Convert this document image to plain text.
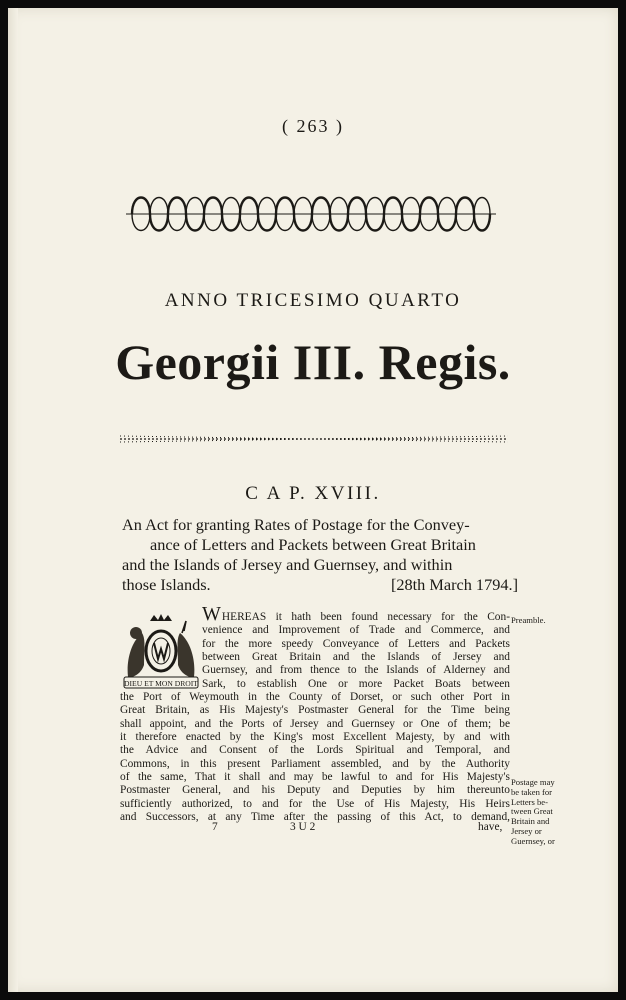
( 263 )
ANNO TRICESIMO QUARTO
Georgii III. Regis.
C A P. XVIII.
An Act for granting Rates of Postage for the Convey-
ance of Letters and Packets between Great Britain
and the Islands of Jersey and Guernsey, and within
those Islands.	[28th March 1794.]
DIEU ET MON DROIT
WHEREAS it hath been found necessary for the Con-
venience and Improvement of Trade and Commerce, and
for the more speedy Conveyance of Letters and Packets
between Great Britain and the Islands of Jersey and
Guernsey, and from thence to the Islands of Alderney and
Sark, to establish One or more Packet Boats between
the Port of Weymouth in the County of Dorset, or such other Port in
Great Britain, as His Majesty's Postmaster General for the Time being
shall appoint, and the Ports of Jersey and Guernsey or One of them; be
it therefore enacted by the King's most Excellent Majesty, by and with
the Advice and Consent of the Lords Spiritual and Temporal, and
Commons, in this present Parliament assembled, and by the Authority
of the same, That it shall and may be lawful to and for His Majesty's
Postmaster General, and his Deputy and Deputies by him thereunto
sufficiently authorized, to and for the Use of His Majesty, His Heirs
and Successors, at any Time after the passing of this Act, to demand,
Preamble.
Postage may
be taken for
Letters be-
tween Great
Britain and
Jersey or
Guernsey, or
7	3 U 2	have,
